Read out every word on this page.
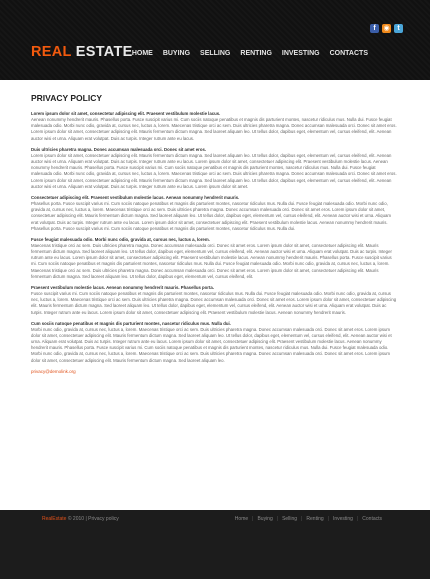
f	◉	t
REAL ESTATE HOME BUYING SELLING RENTING INVESTING CONTACTS
PRIVACY POLICY
Lorem ipsum dolor sit amet, consectetur adipiscing elit. Praesent vestibulum molestie lacus.
Aenean nonummy hendrerit mauris. Phasellus porta. Fusce suscipit varius mi. Cum sociis natoque penatibus et magnis dis parturient montes, nascetur ridiculus mus. Nulla dui. Fusce feugiat malesuada odio. Morbi nunc odio, gravida at, cursus nec, luctus a, lorem. Maecenas tristique orci ac sem. Duis ultricies pharetra magna. Donec accumsan malesuada orci. Donec sit amet eros. Lorem ipsum dolor sit amet, consectetuer adipiscing elit. Mauris fermentum dictum magna. Sed laoreet aliquam leo. Ut tellus dolor, dapibus eget, elementum vel, cursus eleifend, elit. Aenean auctor wisi et urna. Aliquam erat volutpat. Duis ac turpis. Integer rutrum ante eu lacus.
Duis ultricies pharetra magna. Donec accumsan malesuada orci. Donec sit amet eros.
Lorem ipsum dolor sit amet, consectetuer adipiscing elit. Mauris fermentum dictum magna. Sed laoreet aliquam leo. Ut tellus dolor, dapibus eget, elementum vel, cursus eleifend, elit. Aenean auctor wisi et urna. Aliquam erat volutpat. Duis ac turpis. Integer rutrum ante eu lacus. Lorem ipsum dolor sit amet, consectetuer adipiscing elit. Praesent vestibulum molestie lacus. Aenean nonummy hendrerit mauris. Phasellus porta. Fusce suscipit varius mi. Cum sociis natoque penatibus et magnis dis parturient montes, nascetur ridiculus mus. Nulla dui. Fusce feugiat malesuada odio. Morbi nunc odio, gravida at, cursus nec, luctus a, lorem. Maecenas tristique orci ac sem. Duis ultricies pharetra magna. Donec accumsan malesuada orci. Donec sit amet eros. Lorem ipsum dolor sit amet, consectetuer adipiscing elit. Mauris fermentum dictum magna. Sed laoreet aliquam leo. Ut tellus dolor, dapibus eget, elementum vel, cursus eleifend, elit. Aenean auctor wisi et urna. Aliquam erat volutpat. Duis ac turpis. Integer rutrum ante eu lacus. Lorem ipsum dolor sit amet.
Consectetuer adipiscing elit. Praesent vestibulum molestie lacus. Aenean nonummy hendrerit mauris.
Phasellus porta. Fusce suscipit varius mi. Cum sociis natoque penatibus et magnis dis parturient montes, nascetur ridiculus mus. Nulla dui. Fusce feugiat malesuada odio. Morbi nunc odio, gravida at, cursus nec, luctus a, lorem. Maecenas tristique orci ac sem. Duis ultricies pharetra magna. Donec accumsan malesuada orci. Donec sit amet eros. Lorem ipsum dolor sit amet, consectetuer adipiscing elit. Mauris fermentum dictum magna. Sed laoreet aliquam leo. Ut tellus dolor, dapibus eget, elementum vel, cursus eleifend, elit. Aenean auctor wisi et urna. Aliquam erat volutpat. Duis ac turpis. Integer rutrum ante eu lacus. Lorem ipsum dolor sit amet, consectetuer adipiscing elit. Praesent vestibulum molestie lacus. Aenean nonummy hendrerit mauris. Phasellus porta. Fusce suscipit varius mi. Cum sociis natoque penatibus et magnis dis parturient montes, nascetur ridiculus mus. Nulla dui.
Fusce feugiat malesuada odio. Morbi nunc odio, gravida at, cursus nec, luctus a, lorem.
Maecenas tristique orci ac sem. Duis ultricies pharetra magna. Donec accumsan malesuada orci. Donec sit amet eros. Lorem ipsum dolor sit amet, consectetuer adipiscing elit. Mauris fermentum dictum magna. Sed laoreet aliquam leo. Ut tellus dolor, dapibus eget, elementum vel, cursus eleifend, elit. Aenean auctor wisi et urna. Aliquam erat volutpat. Duis ac turpis. Integer rutrum ante eu lacus. Lorem ipsum dolor sit amet, consectetuer adipiscing elit. Praesent vestibulum molestie lacus. Aenean nonummy hendrerit mauris. Phasellus porta. Fusce suscipit varius mi. Cum sociis natoque penatibus et magnis dis parturient montes, nascetur ridiculus mus. Nulla dui. Fusce feugiat malesuada odio. Morbi nunc odio, gravida at, cursus nec, luctus a, lorem. Maecenas tristique orci ac sem. Duis ultricies pharetra magna. Donec accumsan malesuada orci. Donec sit amet eros. Lorem ipsum dolor sit amet, consectetuer adipiscing elit. Mauris fermentum dictum magna. Sed laoreet aliquam leo. Ut tellus dolor, dapibus eget, elementum vel, cursus eleifend, elit.
Praesent vestibulum molestie lacus. Aenean nonummy hendrerit mauris. Phasellus porta.
Fusce suscipit varius mi. Cum sociis natoque penatibus et magnis dis parturient montes, nascetur ridiculus mus. Nulla dui. Fusce feugiat malesuada odio. Morbi nunc odio, gravida at, cursus nec, luctus a, lorem. Maecenas tristique orci ac sem. Duis ultricies pharetra magna. Donec accumsan malesuada orci. Donec sit amet eros. Lorem ipsum dolor sit amet, consectetuer adipiscing elit. Mauris fermentum dictum magna. Sed laoreet aliquam leo. Ut tellus dolor, dapibus eget, elementum vel, cursus eleifend, elit. Aenean auctor wisi et urna. Aliquam erat volutpat. Duis ac turpis. Integer rutrum ante eu lacus. Lorem ipsum dolor sit amet, consectetuer adipiscing elit. Praesent vestibulum molestie lacus. Aenean nonummy hendrerit mauris.
Cum sociis natoque penatibus et magnis dis parturient montes, nascetur ridiculus mus. Nulla dui.
Morbi nunc odio, gravida at, cursus nec, luctus a, lorem. Maecenas tristique orci ac sem. Duis ultricies pharetra magna. Donec accumsan malesuada orci. Donec sit amet eros. Lorem ipsum dolor sit amet, consectetuer adipiscing elit. Mauris fermentum dictum magna. Sed laoreet aliquam leo. Ut tellus dolor, dapibus eget, elementum vel, cursus eleifend, elit. Aenean auctor wisi et urna. Aliquam erat volutpat. Duis ac turpis. Integer rutrum ante eu lacus. Lorem ipsum dolor sit amet, consectetuer adipiscing elit. Praesent vestibulum molestie lacus. Aenean nonummy hendrerit mauris. Phasellus porta. Fusce suscipit varius mi. Cum sociis natoque penatibus et magnis dis parturient montes, nascetur ridiculus mus. Nulla dui. Fusce feugiat malesuada odio. Morbi nunc odio, gravida at, cursus nec, luctus a, lorem. Maecenas tristique orci ac sem. Duis ultricies pharetra magna. Donec accumsan malesuada orci. Donec sit amet eros. Lorem ipsum dolor sit amet, consectetuer adipiscing elit. Mauris fermentum dictum magna. Sed laoreet aliquam leo.
privacy@demolink.org
RealEstate © 2010 | Privacy policy	Home | Buying | Selling | Renting | Investing | Contacts
